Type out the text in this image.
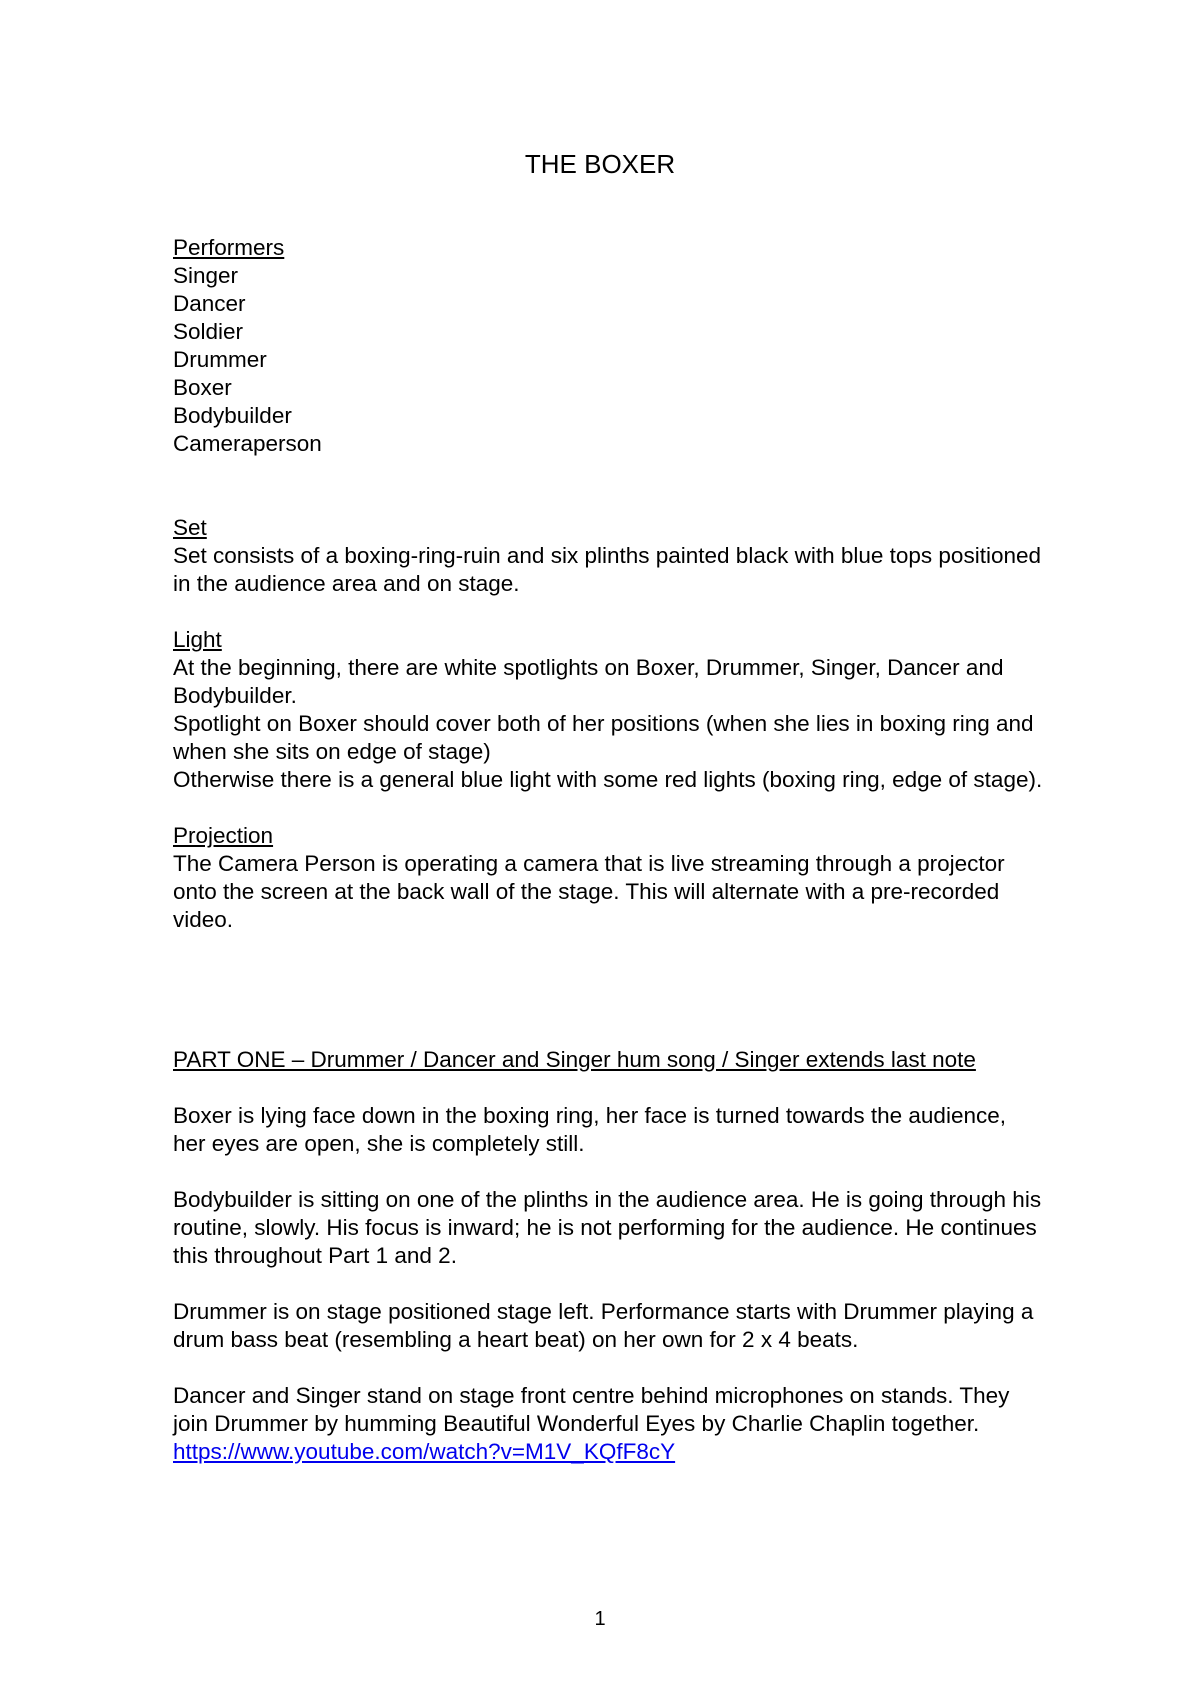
THE BOXER

Performers

Singer
Dancer
Soldier
Drummer
Boxer
Bodybuilder
Cameraperson

Set

Set consists of a boxing-ring-ruin and six plinths painted black with blue tops positioned in the audience area and on stage.

Light

At the beginning, there are white spotlights on Boxer, Drummer, Singer, Dancer and Bodybuilder.

Spotlight on Boxer should cover both of her positions (when she lies in boxing ring and when she sits on edge of stage)

Otherwise there is a general blue light with some red lights (boxing ring, edge of stage).

Projection

The Camera Person is operating a camera that is live streaming through a projector onto the screen at the back wall of the stage. This will alternate with a pre-recorded video.

PART ONE – Drummer / Dancer and Singer hum song / Singer extends last note

Boxer is lying face down in the boxing ring, her face is turned towards the audience, her eyes are open, she is completely still.

Bodybuilder is sitting on one of the plinths in the audience area. He is going through his routine, slowly. His focus is inward; he is not performing for the audience. He continues this throughout Part 1 and 2.

Drummer is on stage positioned stage left. Performance starts with Drummer playing a drum bass beat (resembling a heart beat) on her own for 2 x 4 beats.

Dancer and Singer stand on stage front centre behind microphones on stands. They join Drummer by humming Beautiful Wonderful Eyes by Charlie Chaplin together. https://www.youtube.com/watch?v=M1V_KQfF8cY

1
